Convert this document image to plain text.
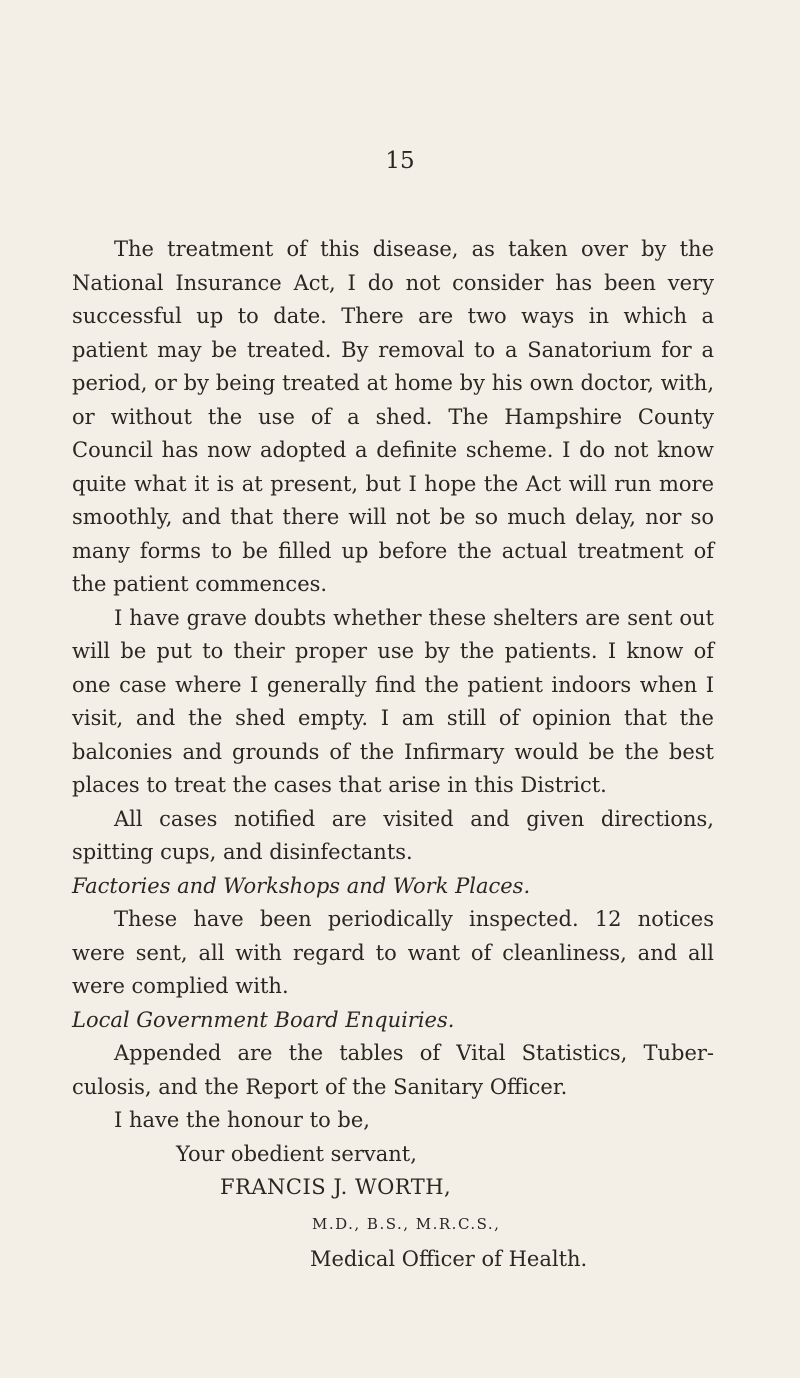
15

The treatment of this disease, as taken over by the National Insurance Act, I do not consider has been very successful up to date. There are two ways in which a patient may be treated. By removal to a Sanatorium for a period, or by being treated at home by his own doctor, with, or without the use of a shed. The Hampshire County Council has now adopted a definite scheme. I do not know quite what it is at present, but I hope the Act will run more smoothly, and that there will not be so much delay, nor so many forms to be filled up before the actual treatment of the patient commences.

I have grave doubts whether these shelters are sent out will be put to their proper use by the patients. I know of one case where I generally find the patient indoors when I visit, and the shed empty. I am still of opinion that the balconies and grounds of the Infirmary would be the best places to treat the cases that arise in this District.

All cases notified are visited and given directions, spitting cups, and disinfectants.

Factories and Workshops and Work Places.

These have been periodically inspected. 12 notices were sent, all with regard to want of cleanliness, and all were complied with.

Local Government Board Enquiries.

Appended are the tables of Vital Statistics, Tuber-culosis, and the Report of the Sanitary Officer.

I have the honour to be,
Your obedient servant,
FRANCIS J. WORTH,
M.D., B.S., M.R.C.S.,
Medical Officer of Health.
